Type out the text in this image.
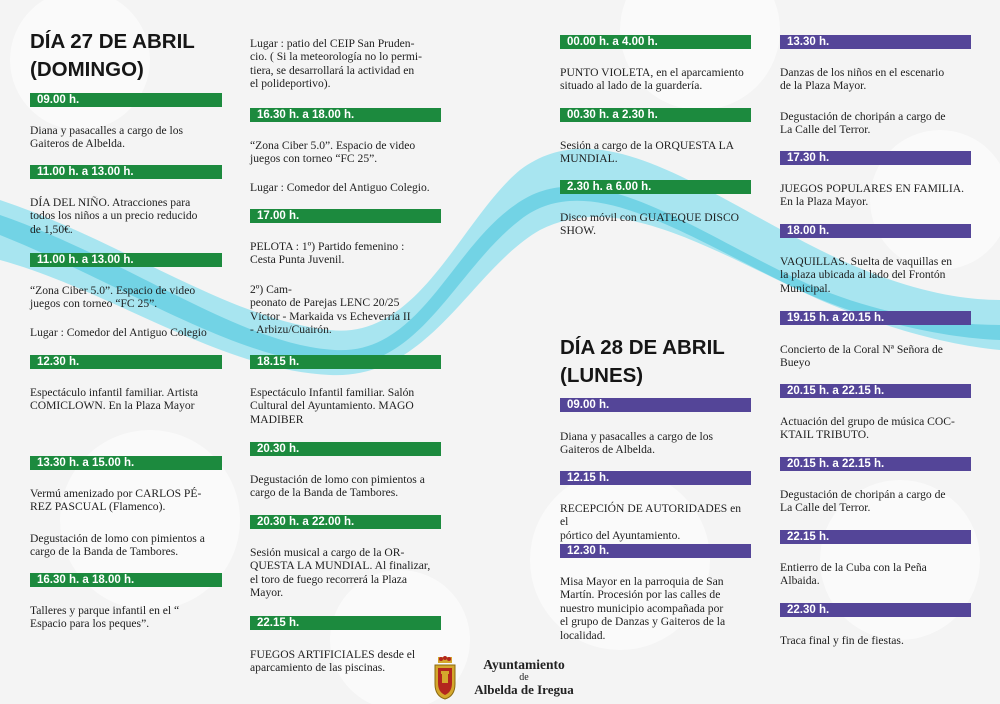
DÍA 27 DE ABRIL
(DOMINGO)
09.00 h.
Diana y pasacalles a cargo de los
Gaiteros de Albelda.
11.00 h. a 13.00 h.
DÍA DEL NIÑO. Atracciones para
todos los niños a un precio reducido
de 1,50€.
11.00 h. a 13.00 h.
“Zona Ciber 5.0”. Espacio de video
juegos con torneo “FC 25”.
Lugar : Comedor del Antiguo Colegio
12.30 h.
Espectáculo infantil familiar. Artista
COMICLOWN. En la Plaza Mayor
13.30 h. a 15.00 h.
Vermú amenizado por CARLOS PÉ-
REZ PASCUAL (Flamenco).
Degustación de lomo con pimientos a
cargo de la Banda de Tambores.
16.30 h. a 18.00 h.
Talleres y parque infantil en el “
Espacio para los peques”.
Lugar : patio del CEIP San Pruden-
cio. ( Si la meteorología no lo permi-
tiera, se desarrollará la actividad en
el polideportivo).
16.30 h. a 18.00 h.
“Zona Ciber 5.0”. Espacio de video
juegos con torneo “FC 25”.
Lugar : Comedor del Antiguo Colegio.
17.00 h.
PELOTA : 1º) Partido femenino :
Cesta Punta Juvenil.
2º) Cam-
peonato de Parejas LENC 20/25
Víctor - Markaida vs Echeverría II
- Arbizu/Cuairón.
18.15 h.
Espectáculo Infantil familiar. Salón
Cultural del Ayuntamiento. MAGO
MADIBER
20.30 h.
Degustación de lomo con pimientos a
cargo de la Banda de Tambores.
20.30 h. a 22.00 h.
Sesión musical a cargo de la OR-
QUESTA LA MUNDIAL. Al finalizar,
el toro de fuego recorrerá la Plaza
Mayor.
22.15 h.
FUEGOS ARTIFICIALES desde el
aparcamiento de las piscinas.
00.00 h. a 4.00 h.
PUNTO VIOLETA, en el aparcamiento
situado al lado de la guardería.
00.30 h. a 2.30 h.
Sesión a cargo de la ORQUESTA LA
MUNDIAL.
2.30 h. a 6.00 h.
Disco móvil con GUATEQUE DISCO
SHOW.
DÍA 28 DE ABRIL
(LUNES)
09.00 h.
Diana y pasacalles a cargo de los
Gaiteros de Albelda.
12.15 h.
RECEPCIÓN DE AUTORIDADES en el
pórtico del Ayuntamiento.
12.30 h.
Misa Mayor en la parroquia de San
Martín. Procesión por las calles de
nuestro municipio acompañada por
el grupo de Danzas y Gaiteros de la
localidad.
13.30 h.
Danzas de los niños en el escenario
de la Plaza Mayor.
Degustación de choripán a cargo de
La Calle del Terror.
17.30 h.
JUEGOS POPULARES EN FAMILIA.
En la Plaza Mayor.
18.00 h.
VAQUILLAS. Suelta de vaquillas en
la plaza ubicada al lado del Frontón
Municipal.
19.15 h. a 20.15 h.
Concierto de la Coral Nª Señora de
Bueyo
20.15 h. a 22.15 h.
Actuación del grupo de música COC-
KTAIL TRIBUTO.
20.15 h. a 22.15 h.
Degustación de choripán a cargo de
La Calle del Terror.
22.15 h.
Entierro de la Cuba con la Peña
Albaida.
22.30 h.
Traca final y fin de fiestas.
Ayuntamiento
de
Albelda de Iregua
